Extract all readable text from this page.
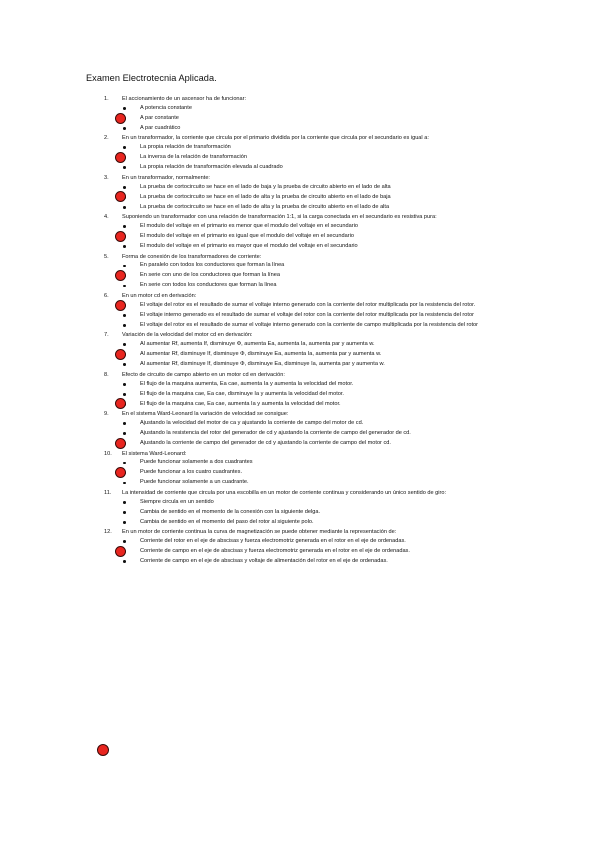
Examen Electrotecnia Aplicada.
1.	El accionamiento de un ascensor ha de funcionar:
A potencia constante
A par constante
A par cuadrático
2.	En un transformador, la corriente que circula por el primario dividida por la corriente que circula por el secundario es igual a:
La propia relación de transformación
La inversa de la relación de transformación
La propia relación de transformación elevada al cuadrado
3.	En un transformador, normalmente:
La prueba de cortocircuito se hace en el lado de baja y la prueba de circuito abierto en el lado de alta
La prueba de cortocircuito se hace en el lado de alta y la prueba de circuito abierto en el lado de baja
La prueba de cortocircuito se hace en el lado de alta y la prueba de circuito abierto en el lado de alta
4.	Suponiendo un transformador con una relación de transformación 1:1, si la carga conectada en el secundario es resistiva pura:
El modulo del voltaje en el primario es menor que el modulo del voltaje en el secundario
El modulo del voltaje en el primario es igual que el modulo del voltaje en el secundario
El modulo del voltaje en el primario es mayor que el modulo del voltaje en el secundario
5.	Forma de conexión de los transformadores de corriente:
En paralelo con todos los conductores que forman la línea
En serie con uno de los conductores que forman la línea
En serie con todos los conductores que forman la línea
6.	En un motor cd en derivación:
El voltaje del rotor es el resultado de sumar el voltaje interno generado con la corriente del rotor multiplicada por la resistencia del rotor.
El voltaje interno generado es el resultado de sumar el voltaje del rotor con la corriente del rotor multiplicada por la resistencia del rotor
El voltaje del rotor es el resultado de sumar el voltaje interno generado con la corriente de campo multiplicada por la resistencia del rotor
7.	Variación de la velocidad del motor cd en derivación:
Al aumentar Rf, aumenta If, disminuye Φ, aumenta Ea, aumenta Ia, aumenta par y aumenta w.
Al aumentar Rf, disminuye If, disminuye Φ, disminuye Ea, aumenta Ia, aumenta par y aumenta w.
Al aumentar Rf, disminuye If, disminuye Φ, disminuye Ea, disminuye Ia, aumenta par y aumenta w.
8.	Efecto de circuito de campo abierto en un motor cd en derivación:
El flujo de la maquina aumenta, Ea cae, aumenta Ia y aumenta la velocidad del motor.
El flujo de la maquina cae, Ea cae, disminuye Ia y aumenta la velocidad del motor.
El flujo de la maquina cae, Ea cae, aumenta Ia y aumenta la velocidad del motor.
9.	En el sistema Ward-Leonard la variación de velocidad se consigue:
Ajustando la velocidad del motor de ca y ajustando la corriente de campo del motor de cd.
Ajustando la resistencia del rotor del generador de cd y ajustando la corriente de campo del generador de cd.
Ajustando la corriente de campo del generador de cd y ajustando la corriente de campo del motor cd.
10.	El sistema Ward-Leonard:
Puede funcionar solamente a dos cuadrantes
Puede funcionar a los cuatro cuadrantes.
Puede funcionar solamente a un cuadrante.
11.	La intensidad de corriente que circula por una escobilla en un motor de corriente continua y considerando un único sentido de giro:
Siempre circula en un sentido
Cambia de sentido en el momento de la conexión con la siguiente delga.
Cambia de sentido en el momento del paso del rotor al siguiente polo.
12.	En un motor de corriente continua la curva de magnetización se puede obtener mediante la representación de:
Corriente del rotor en el eje de abscisas y fuerza electromotriz generada en el rotor en el eje de ordenadas.
Corriente de campo en el eje de abscisas y fuerza electromotriz generada en el rotor en el eje de ordenadas.
Corriente de campo en el eje de abscisas y voltaje de alimentación del rotor en el eje de ordenadas.
